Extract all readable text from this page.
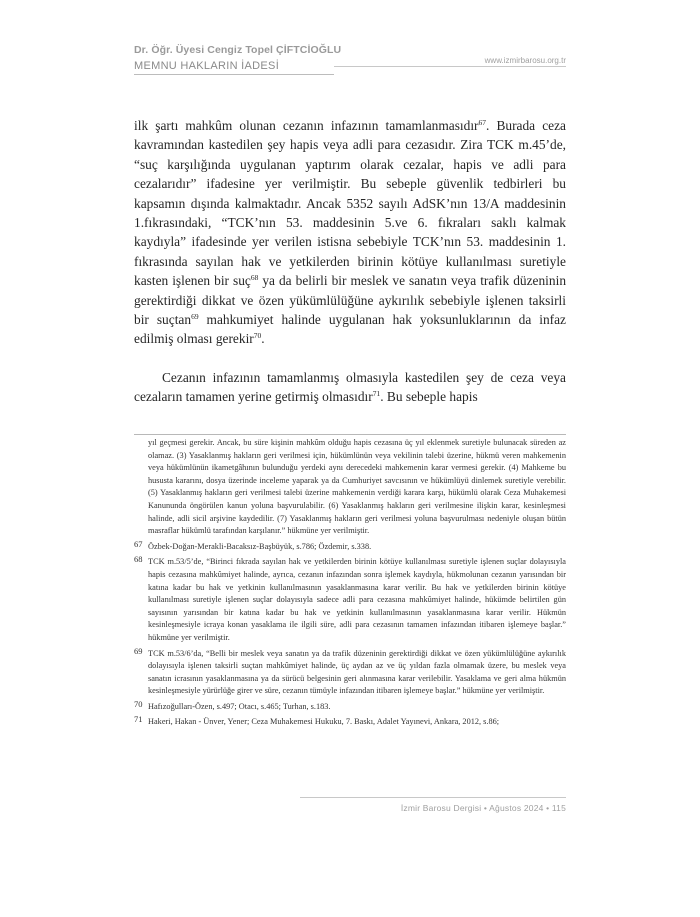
Dr. Öğr. Üyesi Cengiz Topel ÇİFTCİOĞLU
MEMNU HAKLARIN İADESİ	www.izmirbarosu.org.tr

ilk şartı mahkûm olunan cezanın infazının tamamlanmasıdır$^{67}$. Burada ceza kavramından kastedilen şey hapis veya adli para cezasıdır. Zira TCK m.45’de, “suç karşılığında uygulanan yaptırım olarak cezalar, hapis ve adli para cezalarıdır” ifadesine yer verilmiştir. Bu sebeple güvenlik tedbirleri bu kapsamın dışında kalmaktadır. Ancak 5352 sayılı AdSK’nın 13/A maddesinin 1.fıkrasındaki, “TCK’nın 53. maddesinin 5.ve 6. fıkraları saklı kalmak kaydıyla” ifadesinde yer verilen istisna sebebiyle TCK’nın 53. maddesinin 1. fıkrasında sayılan hak ve yetkilerden birinin kötüye kullanılması suretiyle kasten işlenen bir suç$^{68}$ ya da belirli bir meslek ve sanatın veya trafik düzeninin gerektirdiği dikkat ve özen yükümlülüğüne aykırılık sebebiyle işlenen taksirli bir suçtan$^{69}$ mahkumiyet halinde uygulanan hak yoksunluklarının da infaz edilmiş olması gerekir$^{70}$.

Cezanın infazının tamamlanmış olmasıyla kastedilen şey de ceza veya cezaların tamamen yerine getirmiş olmasıdır$^{71}$. Bu sebeple hapis

yıl geçmesi gerekir. Ancak, bu süre kişinin mahkûm olduğu hapis cezasına üç yıl eklenmek suretiyle bulunacak süreden az olamaz. (3) Yasaklanmış hakların geri verilmesi için, hükümlünün veya vekilinin talebi üzerine, hükmü veren mahkemenin veya hükümlünün ikametgâhının bulunduğu yerdeki aynı derecedeki mahkemenin karar vermesi gerekir. (4) Mahkeme bu hususta kararını, dosya üzerinde inceleme yaparak ya da Cumhuriyet savcısının ve hükümlüyü dinlemek suretiyle verebilir. (5) Yasaklanmış hakların geri verilmesi talebi üzerine mahkemenin verdiği karara karşı, hükümlü olarak Ceza Muhakemesi Kanununda öngörülen kanun yoluna başvurulabilir. (6) Yasaklanmış hakların geri verilmesine ilişkin karar, kesinleşmesi halinde, adli sicil arşivine kaydedilir. (7) Yasaklanmış hakların geri verilmesi yoluna başvurulması nedeniyle oluşan bütün masraflar hükümlü tarafından karşılanır.” hükmüne yer verilmiştir.
67 Özbek-Doğan-Merakli-Bacaksız-Başbüyük, s.786; Özdemir, s.338.
68 TCK m.53/5’de, “Birinci fıkrada sayılan hak ve yetkilerden birinin kötüye kullanılması suretiyle işlenen suçlar dolayısıyla hapis cezasına mahkûmiyet halinde, ayrıca, cezanın infazından sonra işlemek kaydıyla, hükmolunan cezanın yarısından bir katına kadar bu hak ve yetkinin kullanılmasının yasaklanmasına karar verilir. Bu hak ve yetkilerden birinin kötüye kullanılması suretiyle işlenen suçlar dolayısıyla sadece adli para cezasına mahkûmiyet halinde, hükümde belirtilen gün sayısının yarısından bir katına kadar bu hak ve yetkinin kullanılmasının yasaklanmasına karar verilir. Hükmün kesinleşmesiyle icraya konan yasaklama ile ilgili süre, adli para cezasının tamamen infazından itibaren işlemeye başlar.” hükmüne yer verilmiştir.
69 TCK m.53/6’da, “Belli bir meslek veya sanatın ya da trafik düzeninin gerektirdiği dikkat ve özen yükümlülüğüne aykırılık dolayısıyla işlenen taksirli suçtan mahkûmiyet halinde, üç aydan az ve üç yıldan fazla olmamak üzere, bu meslek veya sanatın icrasının yasaklanmasına ya da sürücü belgesinin geri alınmasına karar verilebilir. Yasaklama ve geri alma hükmün kesinleşmesiyle yürürlüğe girer ve süre, cezanın tümüyle infazından itibaren işlemeye başlar.” hükmüne yer verilmiştir.
70 Hafızoğulları-Özen, s.497; Otacı, s.465; Turhan, s.183.
71 Hakeri, Hakan - Ünver, Yener; Ceza Muhakemesi Hukuku, 7. Baskı, Adalet Yayınevi, Ankara, 2012, s.86;
İzmir Barosu Dergisi • Ağustos 2024 • 115
